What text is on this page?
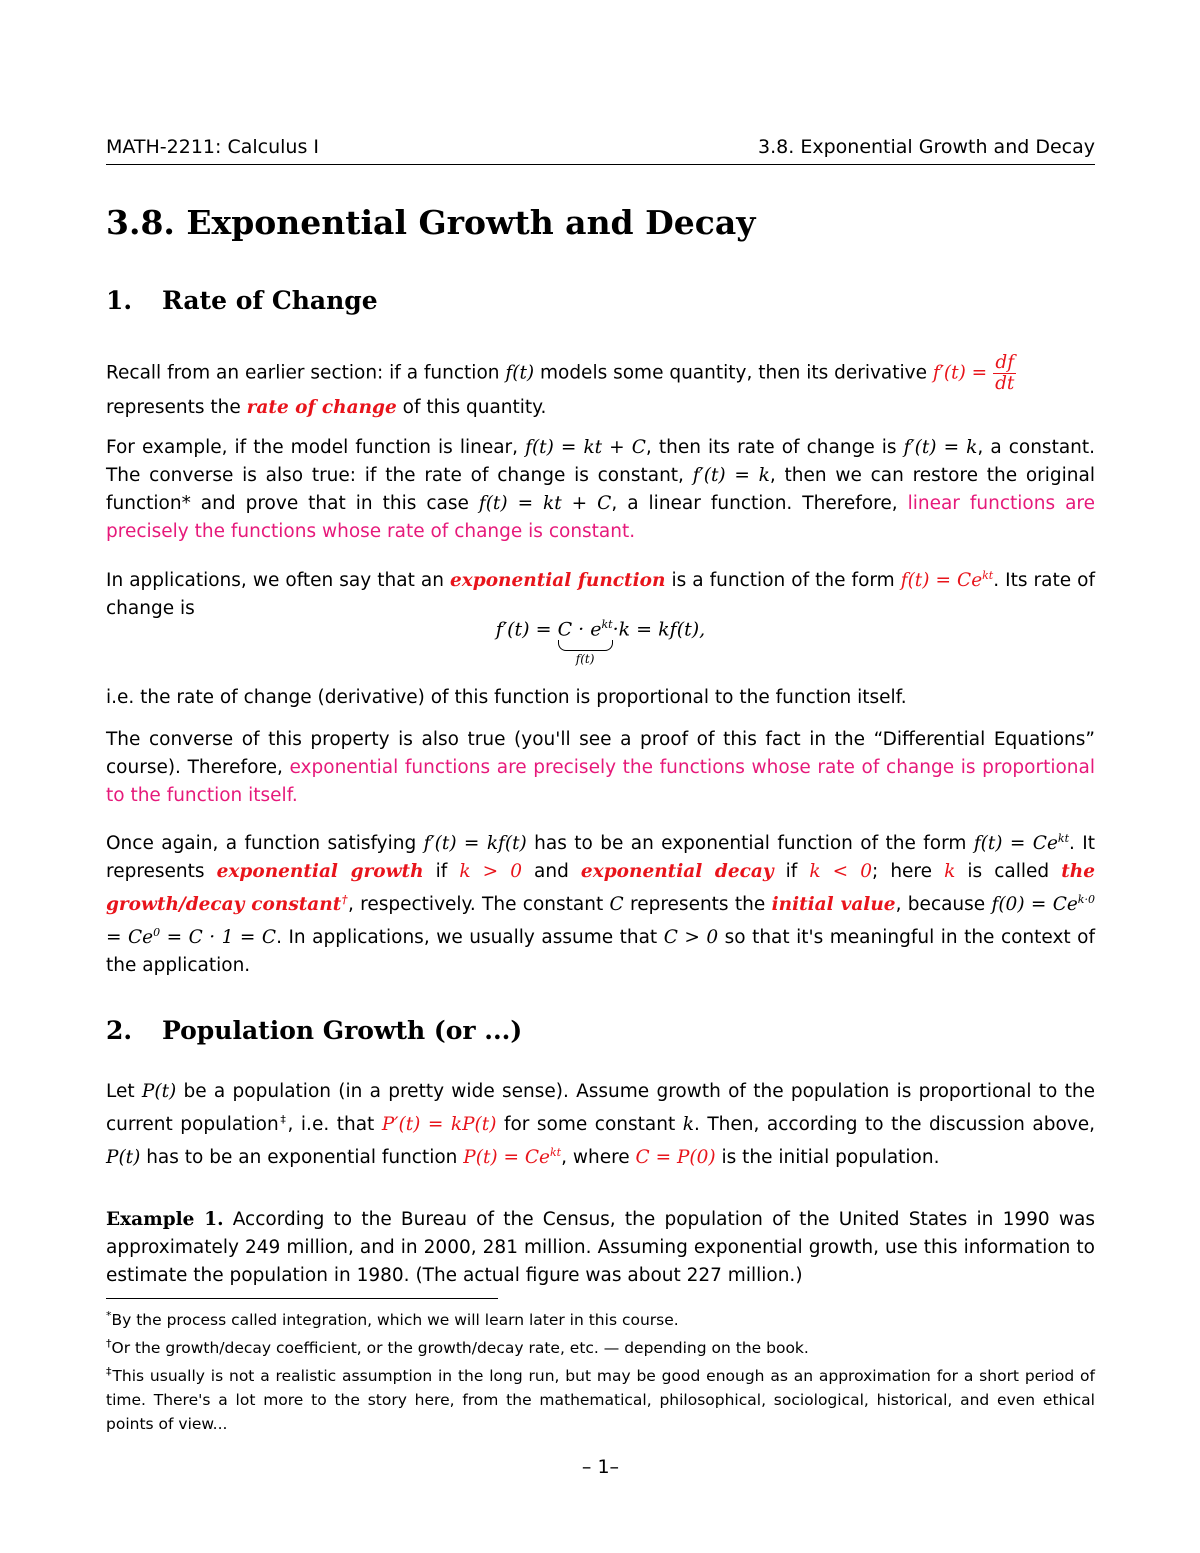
MATH-2211: Calculus I	3.8. Exponential Growth and Decay
3.8. Exponential Growth and Decay
1. Rate of Change

Recall from an earlier section: if a function f(t) models some quantity, then its derivative $f'(t) = \frac{df}{dt}$

represents the rate of change of this quantity.

For example, if the model function is linear, f(t) = kt + C, then its rate of change is f′(t) = k, a constant. The converse is also true: if the rate of change is constant, f′(t) = k, then we can restore the original function* and prove that in this case f(t) = kt + C, a linear function. Therefore, linear functions are precisely the functions whose rate of change is constant.

In applications, we often say that an exponential function is a function of the form $f(t) = Ce^{kt}$. Its rate of change is

$f'(t) = C \cdot e^{kt}$
f(t)
·k = kf(t),

i.e. the rate of change (derivative) of this function is proportional to the function itself.

The converse of this property is also true (you'll see a proof of this fact in the “Differential Equations” course). Therefore, exponential functions are precisely the functions whose rate of change is proportional to the function itself.

Once again, a function satisfying f′(t) = kf(t) has to be an exponential function of the form $f(t) = Ce^{kt}$. It represents exponential growth if k > 0 and exponential decay if k < 0; here k is called the growth/decay constant†, respectively. The constant C represents the initial value, because $f(0) = Ce^{k\cdot 0} = Ce^0 = C \cdot 1 = C$. In applications, we usually assume that C > 0 so that it's meaningful in the context of the application.

2. Population Growth (or ...)

Let P(t) be a population (in a pretty wide sense). Assume growth of the population is proportional to the current population‡, i.e. that P′(t) = kP(t) for some constant k. Then, according to the discussion above, P(t) has to be an exponential function $P(t) = Ce^{kt}$, where C = P(0) is the initial population.

Example 1. According to the Bureau of the Census, the population of the United States in 1990 was approximately 249 million, and in 2000, 281 million. Assuming exponential growth, use this information to estimate the population in 1980. (The actual figure was about 227 million.)

*By the process called integration, which we will learn later in this course.

†Or the growth/decay coefficient, or the growth/decay rate, etc. — depending on the book.

‡This usually is not a realistic assumption in the long run, but may be good enough as an approximation for a short period of time. There's a lot more to the story here, from the mathematical, philosophical, sociological, historical, and even ethical points of view...

– 1–
